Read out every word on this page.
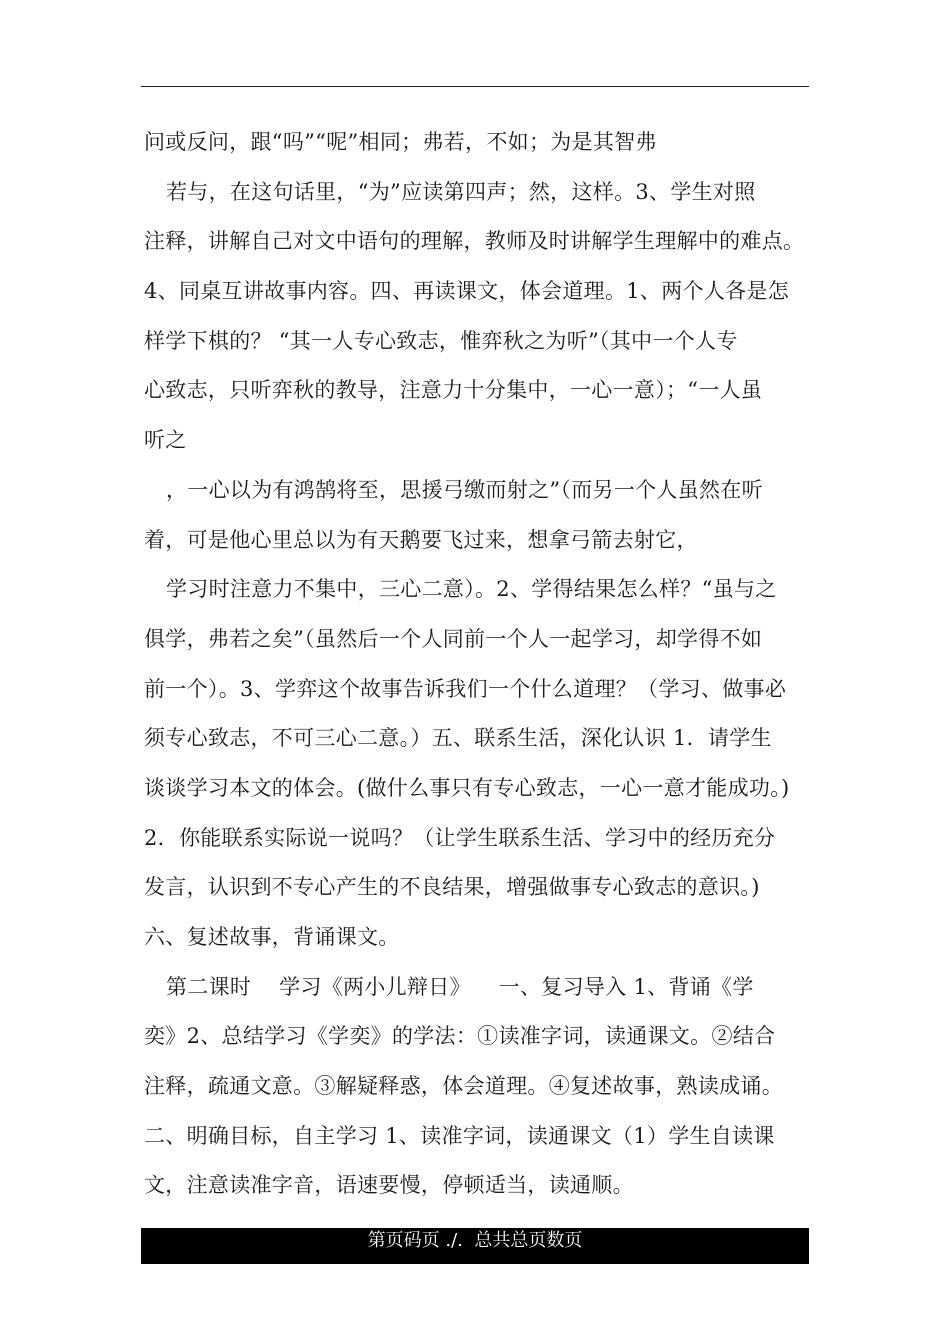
问或反问，跟“吗”“呢”相同；弗若，不如；为是其智弗
若与，在这句话里，“为”应读第四声；然，这样。3、学生对照
注释，讲解自己对文中语句的理解，教师及时讲解学生理解中的难点。
4、同桌互讲故事内容。四、再读课文，体会道理。1、两个人各是怎
样学下棋的？ “其一人专心致志，惟弈秋之为听”（其中一个人专
心致志，只听弈秋的教导，注意力十分集中，一心一意）；“一人虽
听之
，一心以为有鸿鹄将至，思援弓缴而射之”（而另一个人虽然在听
着，可是他心里总以为有天鹅要飞过来，想拿弓箭去射它，
学习时注意力不集中，三心二意）。2、学得结果怎么样？“虽与之
俱学，弗若之矣”（虽然后一个人同前一个人一起学习，却学得不如
前一个）。3、学弈这个故事告诉我们一个什么道理？（学习、做事必
须专心致志，不可三心二意。）五、联系生活，深化认识 1．请学生
谈谈学习本文的体会。(做什么事只有专心致志，一心一意才能成功。)
2．你能联系实际说一说吗？（让学生联系生活、学习中的经历充分
发言，认识到不专心产生的不良结果，增强做事专心致志的意识。)
六、复述故事，背诵课文。
第二课时    学习《两小儿辩日》    一、复习导入 1、背诵《学
奕》2、总结学习《学奕》的学法：①读准字词，读通课文。②结合
注释，疏通文意。③解疑释惑，体会道理。④复述故事，熟读成诵。
二、明确目标，自主学习 1、读准字词，读通课文（1）学生自读课
文，注意读准字音，语速要慢，停顿适当，读通顺。
第页码页 ./.  总共总页数页
